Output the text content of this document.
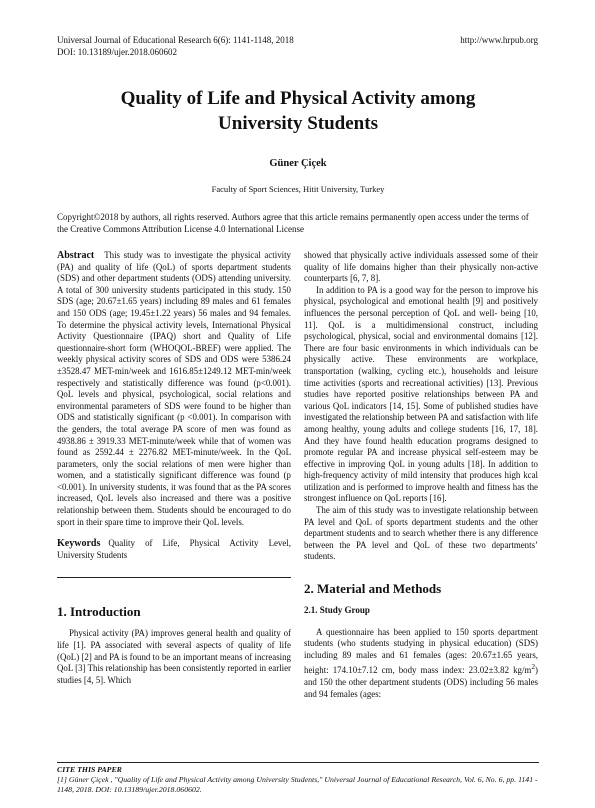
Universal Journal of Educational Research 6(6): 1141-1148, 2018
DOI: 10.13189/ujer.2018.060602
http://www.hrpub.org
Quality of Life and Physical Activity among
University Students
Güner Çiçek
Faculty of Sport Sciences, Hitit University, Turkey
Copyright©2018 by authors, all rights reserved. Authors agree that this article remains permanently open access under the terms of the Creative Commons Attribution License 4.0 International License

Abstract This study was to investigate the physical activity (PA) and quality of life (QoL) of sports department students (SDS) and other department students (ODS) attending university. A total of 300 university students participated in this study. 150 SDS (age; 20.67±1.65 years) including 89 males and 61 females and 150 ODS (age; 19.45±1.22 years) 56 males and 94 females. To determine the physical activity levels, International Physical Activity Questionnaire (IPAQ) short and Quality of Life questionnaire-short form (WHOQOL-BREF) were applied. The weekly physical activity scores of SDS and ODS were 5386.24 ±3528.47 MET-min/week and 1616.85±1249.12 MET-min/week respectively and statistically difference was found (p<0.001). QoL levels and physical, psychological, social relations and environmental parameters of SDS were found to be higher than ODS and statistically significant (p <0.001). In comparison with the genders, the total average PA score of men was found as 4938.86 ± 3919.33 MET-minute/week while that of women was found as 2592.44 ± 2276.82 MET-minute/week. In the QoL parameters, only the social relations of men were higher than women, and a statistically significant difference was found (p <0.001). In university students, it was found that as the PA scores increased, QoL levels also increased and there was a positive relationship between them. Students should be encouraged to do sport in their spare time to improve their QoL levels.

Keywords Quality of Life, Physical Activity Level, University Students

1. Introduction

Physical activity (PA) improves general health and quality of life [1]. PA associated with several aspects of quality of life (QoL) [2] and PA is found to be an important means of increasing QoL [3] This relationship has been consistently reported in earlier studies [4, 5]. Which

showed that physically active individuals assessed some of their quality of life domains higher than their physically non-active counterparts [6, 7, 8].

In addition to PA is a good way for the person to improve his physical, psychological and emotional health [9] and positively influences the personal perception of QoL and well- being [10, 11]. QoL is a multidimensional construct, including psychological, physical, social and environmental domains [12]. There are four basic environments in which individuals can be physically active. These environments are workplace, transportation (walking, cycling etc.), households and leisure time activities (sports and recreational activities) [13]. Previous studies have reported positive relationships between PA and various QoL indicators [14, 15]. Some of published studies have investigated the relationship between PA and satisfaction with life among healthy, young adults and college students [16, 17, 18]. And they have found health education programs designed to promote regular PA and increase physical self-esteem may be effective in improving QoL in young adults [18]. In addition to high-frequency activity of mild intensity that produces high kcal utilization and is performed to improve health and fitness has the strongest influence on QoL reports [16].

The aim of this study was to investigate relationship between PA level and QoL of sports department students and the other department students and to search whether there is any difference between the PA level and QoL of these two departments’ students.

2. Material and Methods

2.1. Study Group

A questionnaire has been applied to 150 sports department students (who students studying in physical education) (SDS) including 89 males and 61 females (ages: 20.67±1.65 years, height: 174.10±7.12 cm, body mass index: 23.02±3.82 $kg/m^2$) and 150 the other department students (ODS) including 56 males and 94 females (ages:

CITE THIS PAPER
[1] Güner Çiçek , "Quality of Life and Physical Activity among University Students," Universal Journal of Educational Research, Vol. 6, No. 6, pp. 1141 - 1148, 2018. DOI: 10.13189/ujer.2018.060602.
